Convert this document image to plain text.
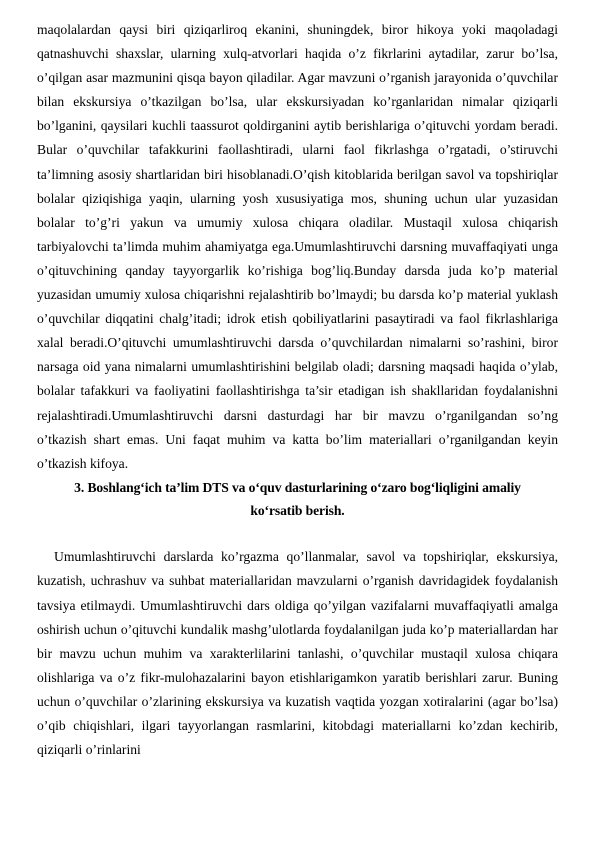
maqolalardan qaysi biri qiziqarliroq ekanini, shuningdek, biror hikoya yoki maqoladagi qatnashuvchi shaxslar, ularning xulq-atvorlari haqida o’z fikrlarini aytadilar, zarur bo’lsa, o’qilgan asar mazmunini qisqa bayon qiladilar. Agar mavzuni o’rganish jarayonida o’quvchilar bilan ekskursiya o’tkazilgan bo’lsa, ular ekskursiyadan ko’rganlaridan nimalar qiziqarli bo’lganini, qaysilari kuchli taassurot qoldirganini aytib berishlariga o’qituvchi yordam beradi. Bular o’quvchilar tafakkurini faollashtiradi, ularni faol fikrlashga o’rgatadi, o’stiruvchi ta’limning asosiy shartlaridan biri hisoblanadi.O’qish kitoblarida berilgan savol va topshiriqlar bolalar qiziqishiga yaqin, ularning yosh xususiyatiga mos, shuning uchun ular yuzasidan bolalar to’g’ri yakun va umumiy xulosa chiqara oladilar. Mustaqil xulosa chiqarish tarbiyalovchi ta’limda muhim ahamiyatga ega.Umumlashtiruvchi darsning muvaffaqiyati unga o’qituvchining qanday tayyorgarlik ko’rishiga bog’liq.Bunday darsda juda ko’p material yuzasidan umumiy xulosa chiqarishni rejalashtirib bo’lmaydi; bu darsda ko’p material yuklash o’quvchilar diqqatini chalg’itadi; idrok etish qobiliyatlarini pasaytiradi va faol fikrlashlariga xalal beradi.O’qituvchi umumlashtiruvchi darsda o’quvchilardan nimalarni so’rashini, biror narsaga oid yana nimalarni umumlashtirishini belgilab oladi; darsning maqsadi haqida o’ylab, bolalar tafakkuri va faoliyatini faollashtirishga ta’sir etadigan ish shakllaridan foydalanishni rejalashtiradi.Umumlashtiruvchi darsni dasturdagi har bir mavzu o’rganilgandan so’ng o’tkazish shart emas. Uni faqat muhim va katta bo’lim materiallari o’rganilgandan keyin o’tkazish kifoya.

3. Boshlang‘ich ta’lim DTS va o‘quv dasturlarining o‘zaro bog‘liqligini amaliy
ko‘rsatib berish.

Umumlashtiruvchi darslarda ko’rgazma qo’llanmalar, savol va topshiriqlar, ekskursiya, kuzatish, uchrashuv va suhbat materiallaridan mavzularni o’rganish davridagidek foydalanish tavsiya etilmaydi. Umumlashtiruvchi dars oldiga qo’yilgan vazifalarni muvaffaqiyatli amalga oshirish uchun o’qituvchi kundalik mashg’ulotlarda foydalanilgan juda ko’p materiallardan har bir mavzu uchun muhim va xarakterlilarini tanlashi, o’quvchilar mustaqil xulosa chiqara olishlariga va o’z fikr-mulohazalarini bayon etishlarigamkon yaratib berishlari zarur. Buning uchun o’quvchilar o’zlarining ekskursiya va kuzatish vaqtida yozgan xotiralarini (agar bo’lsa) o’qib chiqishlari, ilgari tayyorlangan rasmlarini, kitobdagi materiallarni ko’zdan kechirib, qiziqarli o’rinlarini
